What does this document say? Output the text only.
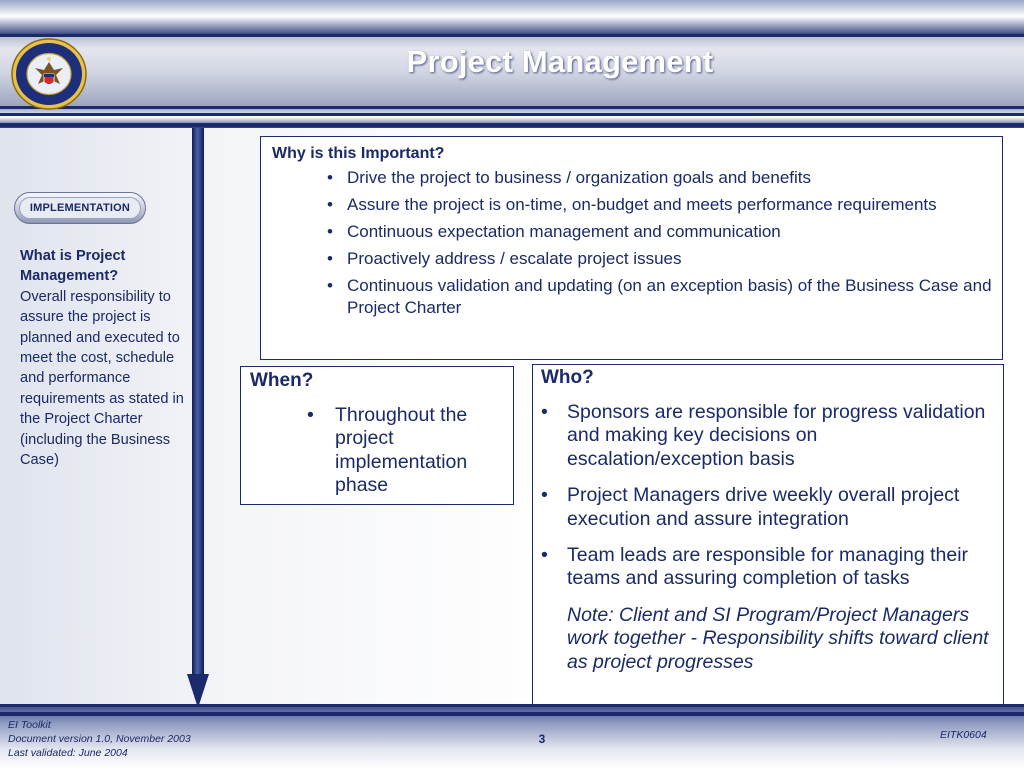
Project Management
IMPLEMENTATION
What is Project Management?
Overall responsibility to assure the project is planned and executed to meet the cost, schedule and performance requirements as stated in the Project Charter (including the Business Case)
Why is this Important?
• Drive the project to business / organization goals and benefits
• Assure the project is on-time, on-budget and meets performance requirements
• Continuous expectation management and communication
• Proactively address / escalate project issues
• Continuous validation and updating (on an exception basis) of the Business Case and Project Charter
When?
• Throughout the project implementation phase
Who?
• Sponsors are responsible for progress validation and making key decisions on escalation/exception basis
• Project Managers drive weekly overall project execution and assure integration
• Team leads are responsible for managing their teams and assuring completion of tasks
Note: Client and SI Program/Project Managers work together - Responsibility shifts toward client as project progresses
EI Toolkit
Document version 1.0, November 2003
Last validated: June 2004
3	EITK0604
